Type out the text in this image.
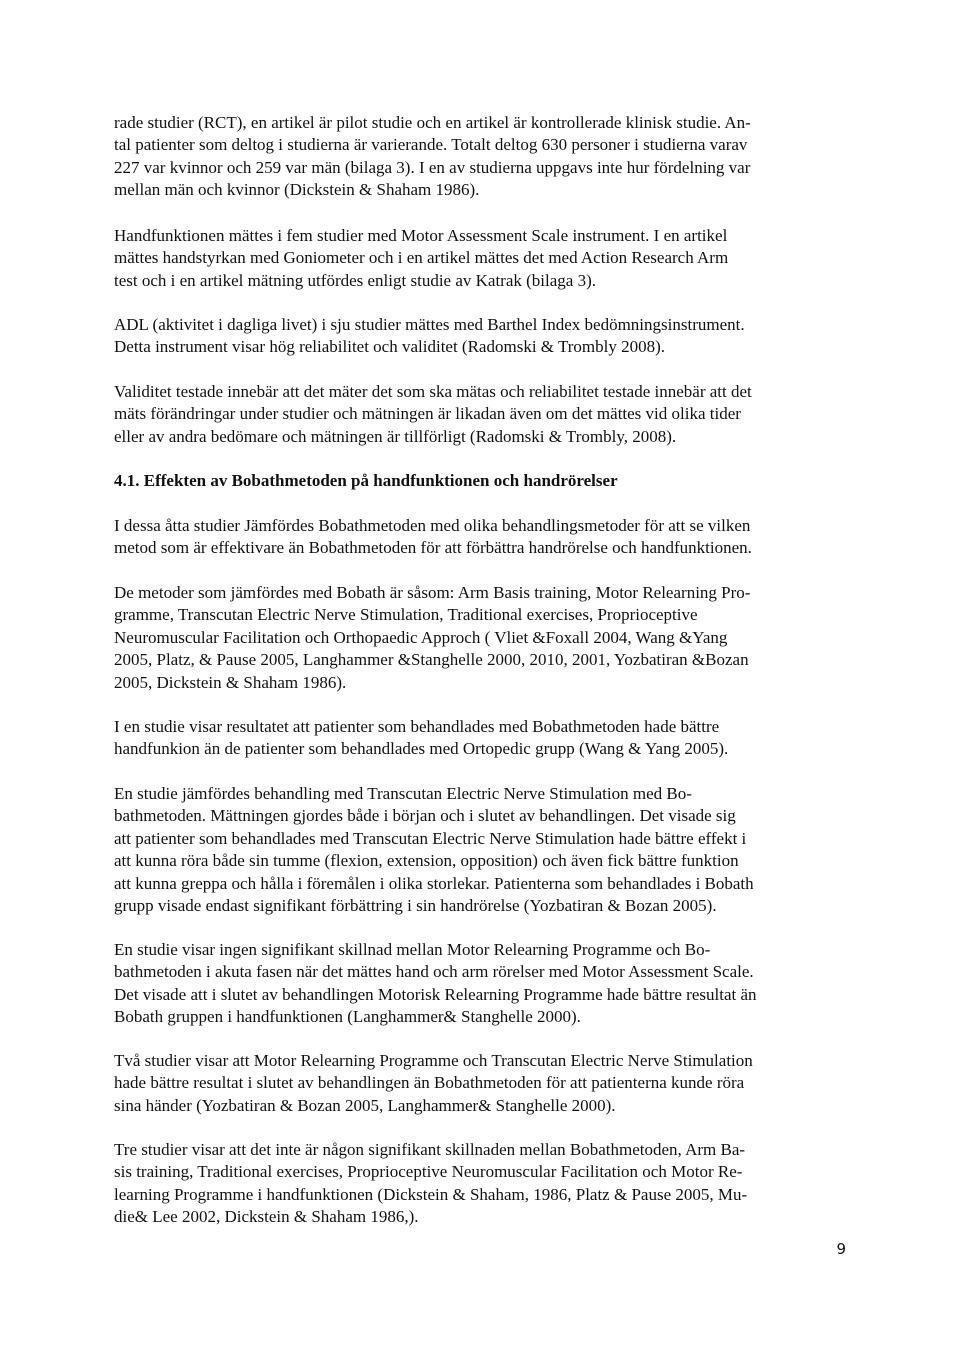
rade studier (RCT), en artikel är pilot studie och en artikel är kontrollerade klinisk studie. An-
tal patienter som deltog i studierna är varierande. Totalt deltog 630 personer i studierna varav
227 var kvinnor och 259 var män (bilaga 3). I en av studierna uppgavs inte hur fördelning var
mellan män och kvinnor (Dickstein & Shaham 1986).

Handfunktionen mättes i fem studier med Motor Assessment Scale instrument. I en artikel
mättes handstyrkan med Goniometer och i en artikel mättes det med Action Research Arm
test och i en artikel mätning utfördes enligt studie av Katrak (bilaga 3).

ADL (aktivitet i dagliga livet) i sju studier mättes med Barthel Index bedömningsinstrument.
Detta instrument visar hög reliabilitet och validitet (Radomski & Trombly 2008).

Validitet testade innebär att det mäter det som ska mätas och reliabilitet testade innebär att det
mäts förändringar under studier och mätningen är likadan även om det mättes vid olika tider
eller av andra bedömare och mätningen är tillförligt (Radomski & Trombly, 2008).

4.1. Effekten av Bobathmetoden på handfunktionen och handrörelser

I dessa åtta studier Jämfördes Bobathmetoden med olika behandlingsmetoder för att se vilken
metod som är effektivare än Bobathmetoden för att förbättra handrörelse och handfunktionen.

De metoder som jämfördes med Bobath är såsom: Arm Basis training, Motor Relearning Pro-
gramme, Transcutan Electric Nerve Stimulation, Traditional exercises, Proprioceptive
Neuromuscular Facilitation och Orthopaedic Approch ( Vliet &Foxall 2004, Wang &Yang
2005, Platz, & Pause 2005, Langhammer &Stanghelle 2000, 2010, 2001, Yozbatiran &Bozan
2005, Dickstein & Shaham 1986).

I en studie visar resultatet att patienter som behandlades med Bobathmetoden hade bättre
handfunkion än de patienter som behandlades med Ortopedic grupp (Wang & Yang 2005).

En studie jämfördes behandling med Transcutan Electric Nerve Stimulation med Bo-
bathmetoden. Mättningen gjordes både i början och i slutet av behandlingen. Det visade sig
att patienter som behandlades med Transcutan Electric Nerve Stimulation hade bättre effekt i
att kunna röra både sin tumme (flexion, extension, opposition) och även fick bättre funktion
att kunna greppa och hålla i föremålen i olika storlekar. Patienterna som behandlades i Bobath
grupp visade endast signifikant förbättring i sin handrörelse (Yozbatiran & Bozan 2005).

En studie visar ingen signifikant skillnad mellan Motor Relearning Programme och Bo-
bathmetoden i akuta fasen när det mättes hand och arm rörelser med Motor Assessment Scale.
Det visade att i slutet av behandlingen Motorisk Relearning Programme hade bättre resultat än
Bobath gruppen i handfunktionen (Langhammer& Stanghelle 2000).

Två studier visar att Motor Relearning Programme och Transcutan Electric Nerve Stimulation
hade bättre resultat i slutet av behandlingen än Bobathmetoden för att patienterna kunde röra
sina händer (Yozbatiran & Bozan 2005, Langhammer& Stanghelle 2000).

Tre studier visar att det inte är någon signifikant skillnaden mellan Bobathmetoden, Arm Ba-
sis training, Traditional exercises, Proprioceptive Neuromuscular Facilitation och Motor Re-
learning Programme i handfunktionen (Dickstein & Shaham, 1986, Platz & Pause 2005, Mu-
die& Lee 2002, Dickstein & Shaham 1986,).

9
